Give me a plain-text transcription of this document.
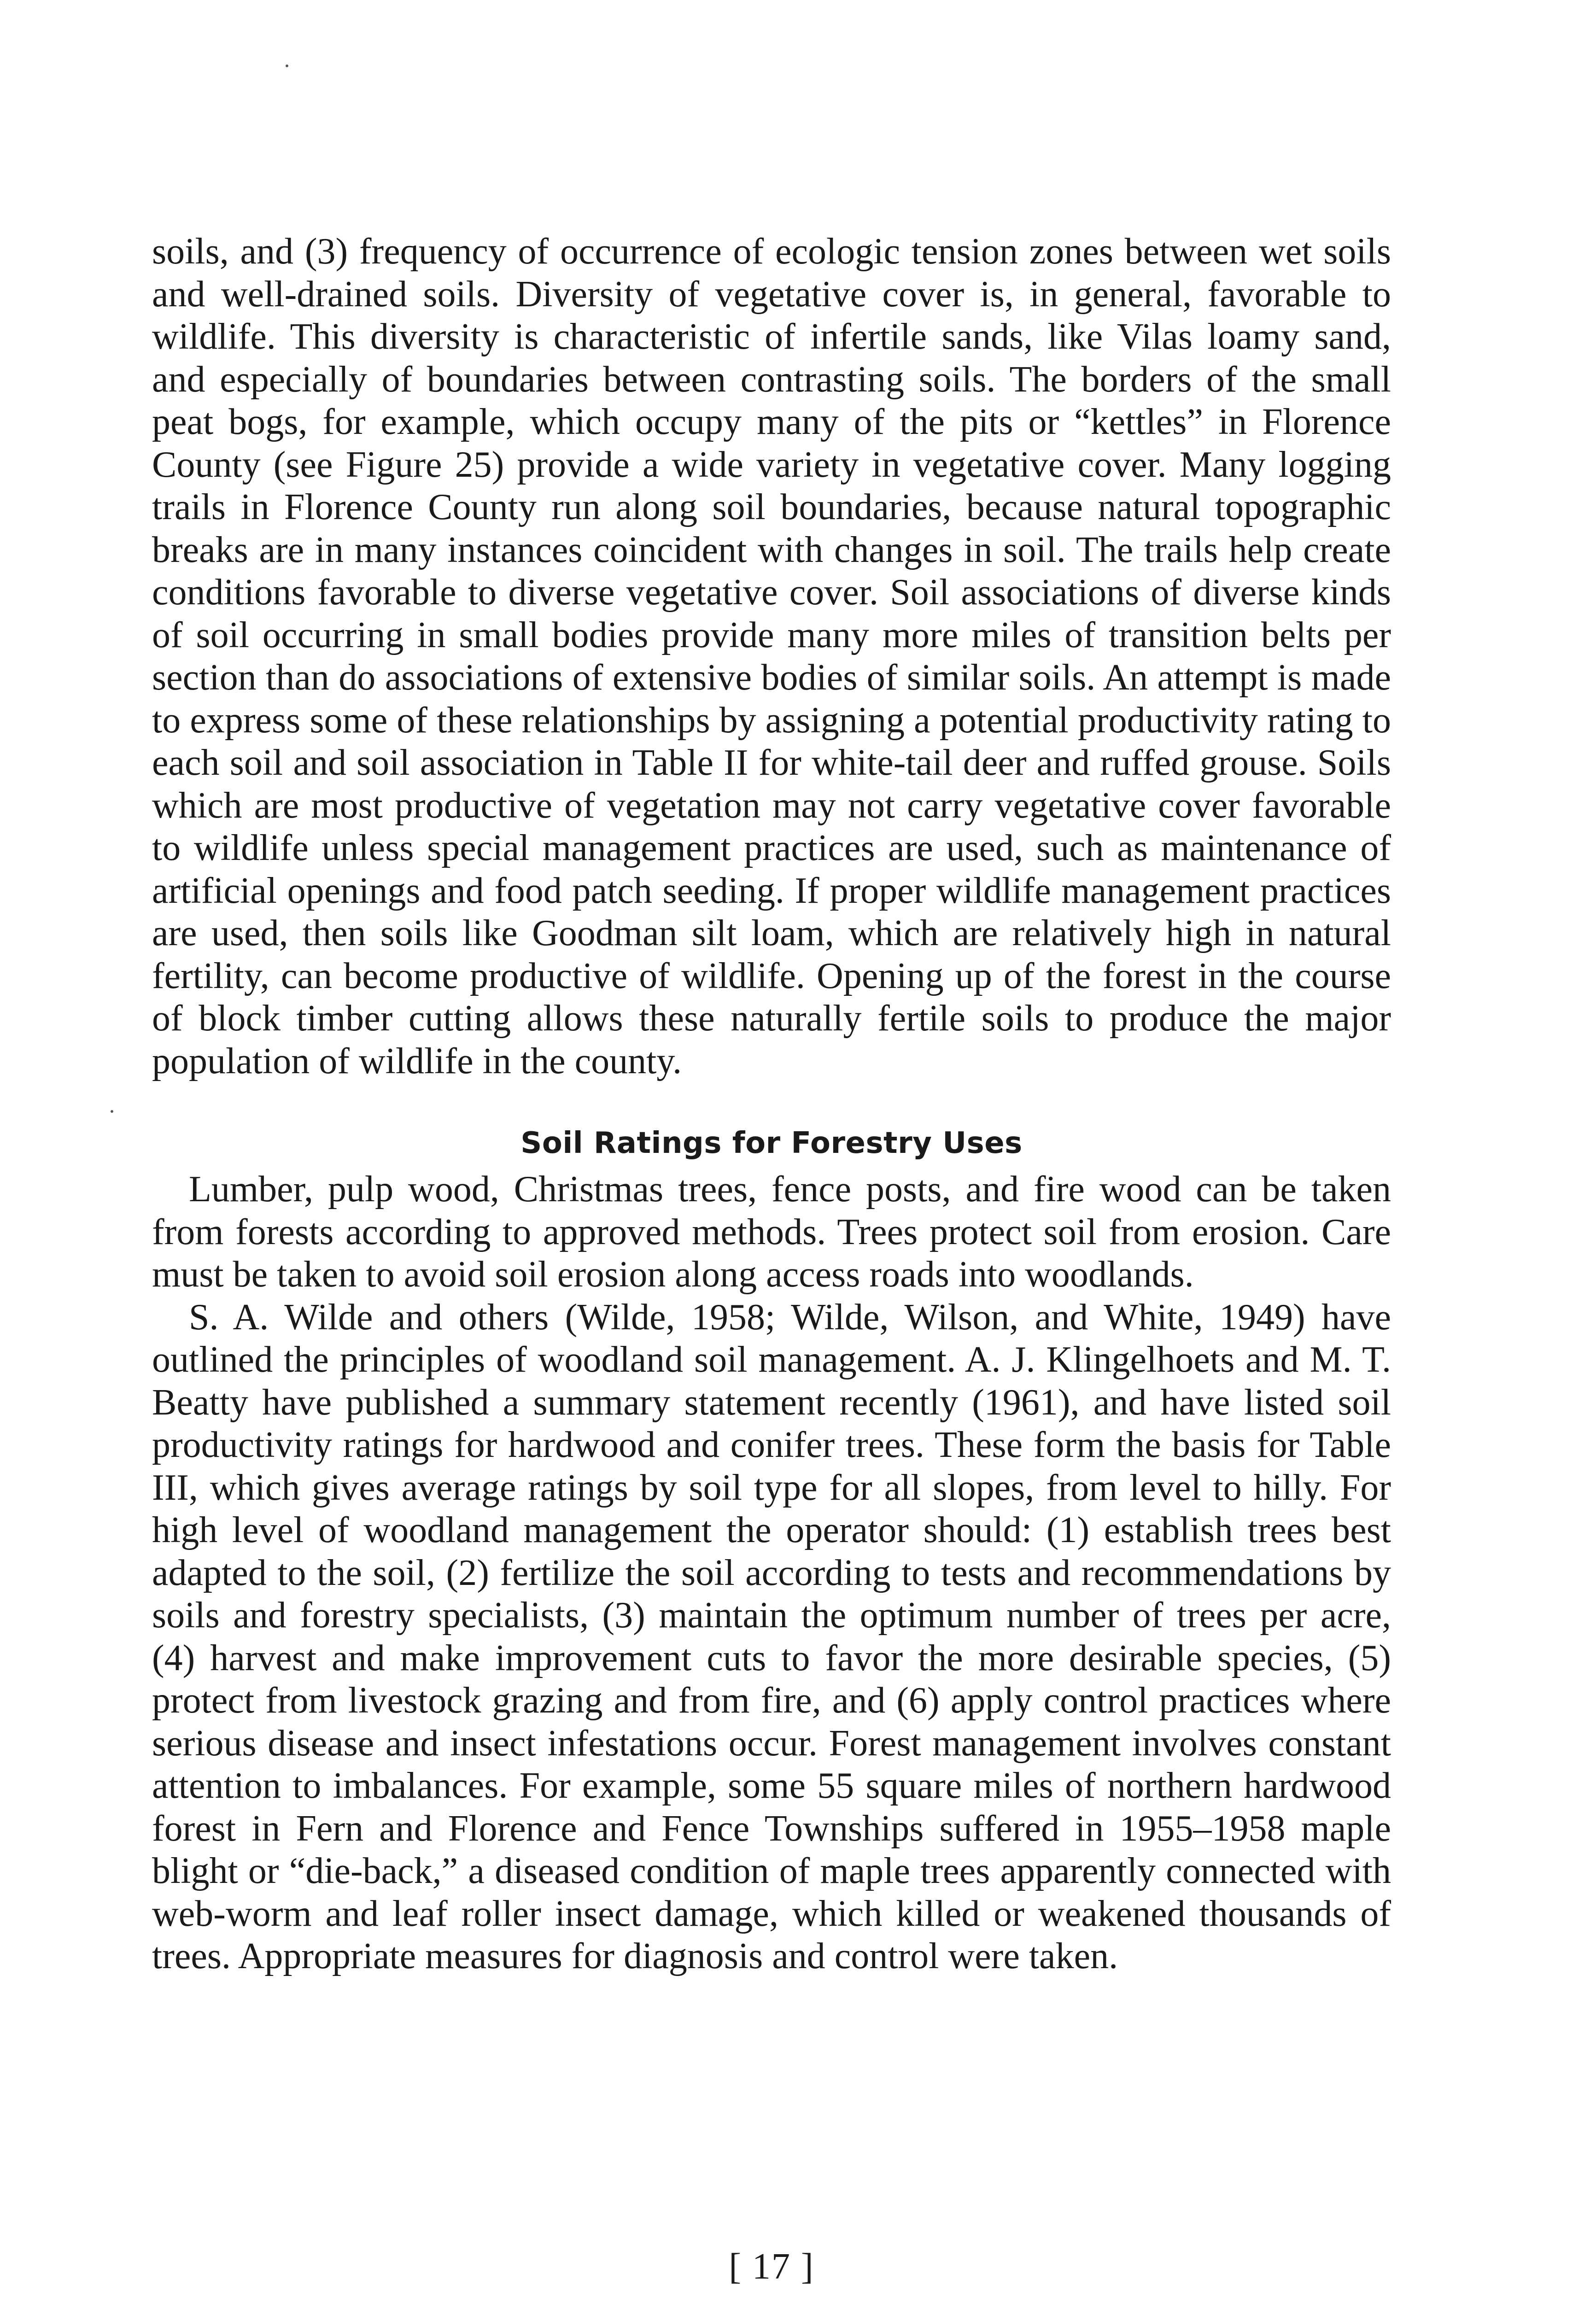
soils, and (3) frequency of occurrence of ecologic tension zones between wet soils and well-drained soils. Diversity of vegetative cover is, in general, favorable to wildlife. This diversity is characteristic of infertile sands, like Vilas loamy sand, and especially of boundaries between contrasting soils. The borders of the small peat bogs, for example, which occupy many of the pits or “kettles” in Florence County (see Figure 25) provide a wide variety in vegetative cover. Many logging trails in Florence County run along soil boundaries, because natural topographic breaks are in many instances coincident with changes in soil. The trails help create conditions favorable to diverse vegetative cover. Soil associations of diverse kinds of soil occurring in small bodies provide many more miles of transition belts per section than do associations of extensive bodies of similar soils. An attempt is made to express some of these relationships by assigning a potential productivity rating to each soil and soil association in Table II for white-tail deer and ruffed grouse. Soils which are most productive of vegetation may not carry vegetative cover favorable to wildlife unless special management practices are used, such as maintenance of artificial openings and food patch seeding. If proper wildlife management practices are used, then soils like Goodman silt loam, which are relatively high in natural fertility, can become productive of wildlife. Opening up of the forest in the course of block timber cutting allows these naturally fertile soils to produce the major population of wildlife in the county.

Soil Ratings for Forestry Uses

Lumber, pulp wood, Christmas trees, fence posts, and fire wood can be taken from forests according to approved methods. Trees protect soil from erosion. Care must be taken to avoid soil erosion along access roads into woodlands.

S. A. Wilde and others (Wilde, 1958; Wilde, Wilson, and White, 1949) have outlined the principles of woodland soil management. A. J. Klingelhoets and M. T. Beatty have published a summary statement recently (1961), and have listed soil productivity ratings for hardwood and conifer trees. These form the basis for Table III, which gives average ratings by soil type for all slopes, from level to hilly. For high level of woodland management the operator should: (1) establish trees best adapted to the soil, (2) fertilize the soil according to tests and recommendations by soils and forestry specialists, (3) maintain the optimum number of trees per acre, (4) harvest and make improvement cuts to favor the more desirable species, (5) protect from livestock grazing and from fire, and (6) apply control practices where serious disease and insect infestations occur. Forest management involves constant attention to imbalances. For example, some 55 square miles of northern hardwood forest in Fern and Florence and Fence Townships suffered in 1955–1958 maple blight or “die-back,” a diseased condition of maple trees apparently connected with web-worm and leaf roller insect damage, which killed or weakened thousands of trees. Appropriate measures for diagnosis and control were taken.

[ 17 ]
